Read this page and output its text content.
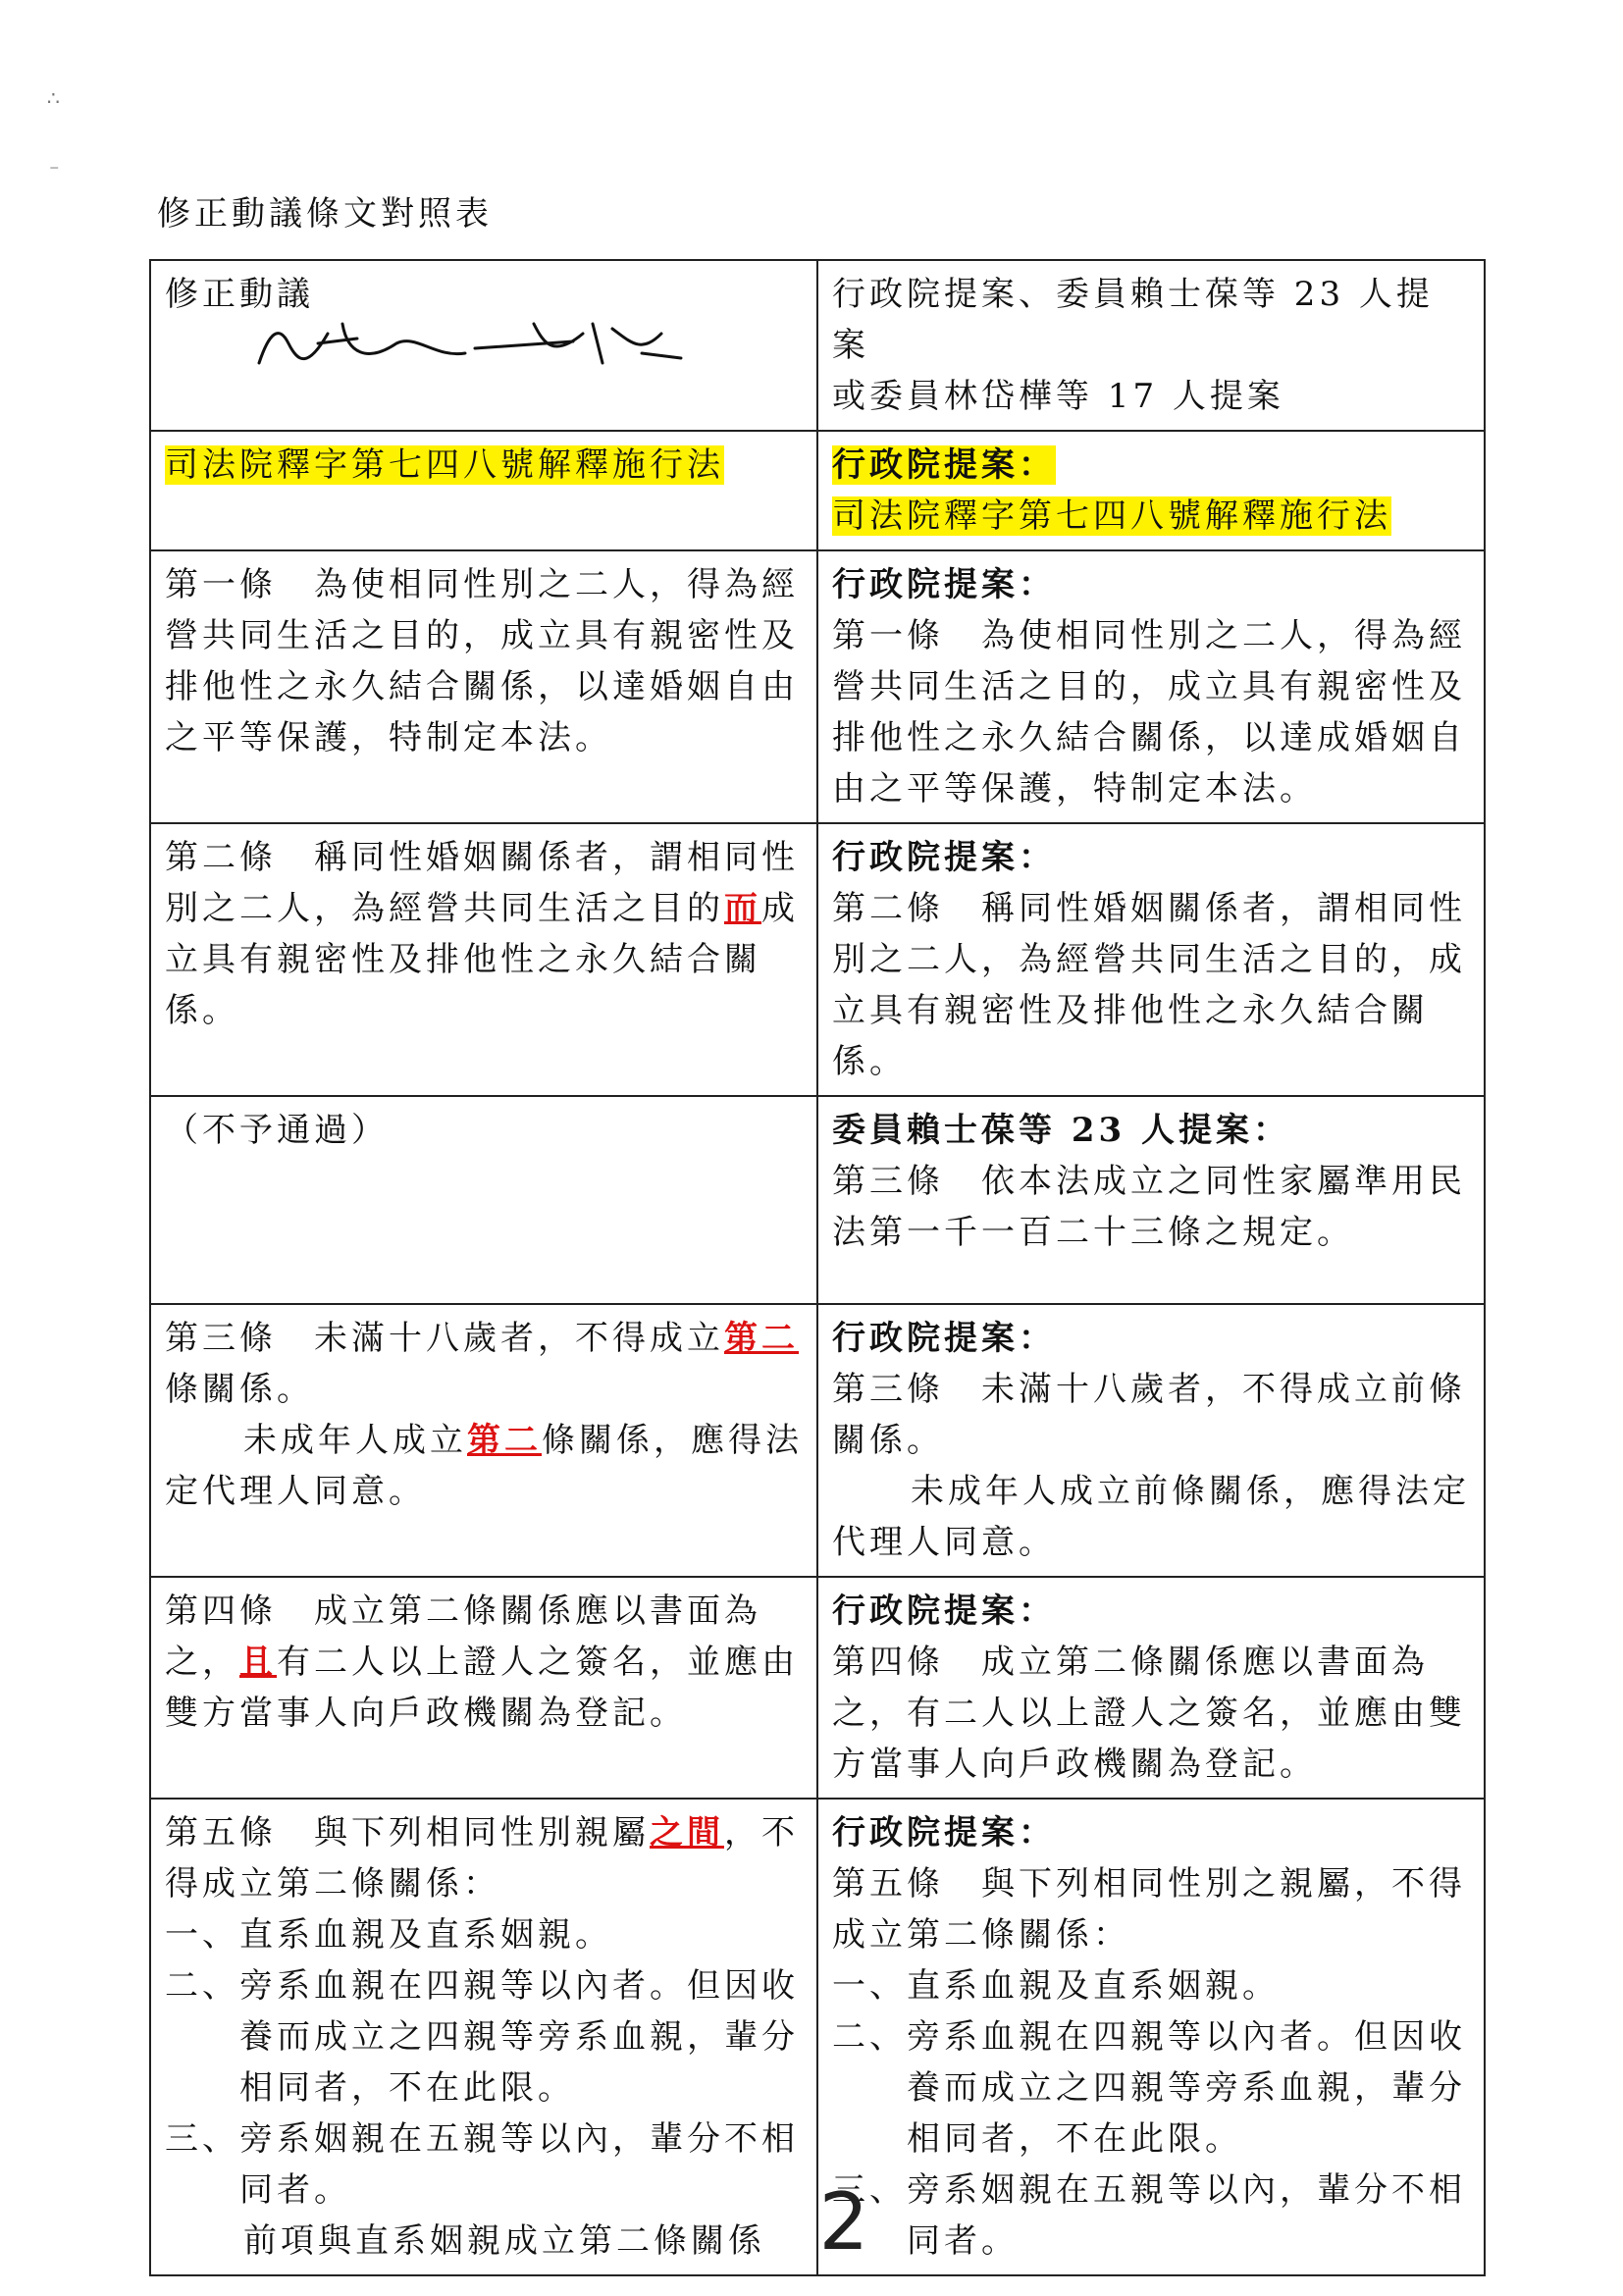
∴
⁻
修正動議條文對照表
修正動議	行政院提案、委員賴士葆等 23 人提案
或委員林岱樺等 17 人提案

司法院釋字第七四八號解釋施行法	行政院提案：
司法院釋字第七四八號解釋施行法

第一條　為使相同性別之二人，得為經營共同生活之目的，成立具有親密性及排他性之永久結合關係，以達婚姻自由之平等保護，特制定本法。	行政院提案：
第一條　為使相同性別之二人，得為經營共同生活之目的，成立具有親密性及排他性之永久結合關係，以達成婚姻自由之平等保護，特制定本法。

第二條　稱同性婚姻關係者，謂相同性別之二人，為經營共同生活之目的而成立具有親密性及排他性之永久結合關係。	行政院提案：
第二條　稱同性婚姻關係者，謂相同性別之二人，為經營共同生活之目的，成立具有親密性及排他性之永久結合關係。

（不予通過）	委員賴士葆等 23 人提案：
第三條　依本法成立之同性家屬準用民法第一千一百二十三條之規定。

第三條　未滿十八歲者，不得成立第二條關係。
未成年人成立第二條關係，應得法定代理人同意。	行政院提案：
第三條　未滿十八歲者，不得成立前條關係。
未成年人成立前條關係，應得法定代理人同意。

第四條　成立第二條關係應以書面為之，且有二人以上證人之簽名，並應由雙方當事人向戶政機關為登記。	行政院提案：
第四條　成立第二條關係應以書面為之，有二人以上證人之簽名，並應由雙方當事人向戶政機關為登記。

第五條　與下列相同性別親屬之間，不得成立第二條關係：
一、直系血親及直系姻親。
二、旁系血親在四親等以內者。但因收養而成立之四親等旁系血親，輩分相同者，不在此限。
三、旁系姻親在五親等以內，輩分不相同者。
前項與直系姻親成立第二條關係	行政院提案：
第五條　與下列相同性別之親屬，不得成立第二條關係：
一、直系血親及直系姻親。
二、旁系血親在四親等以內者。但因收養而成立之四親等旁系血親，輩分相同者，不在此限。
三、旁系姻親在五親等以內，輩分不相同者。
2
